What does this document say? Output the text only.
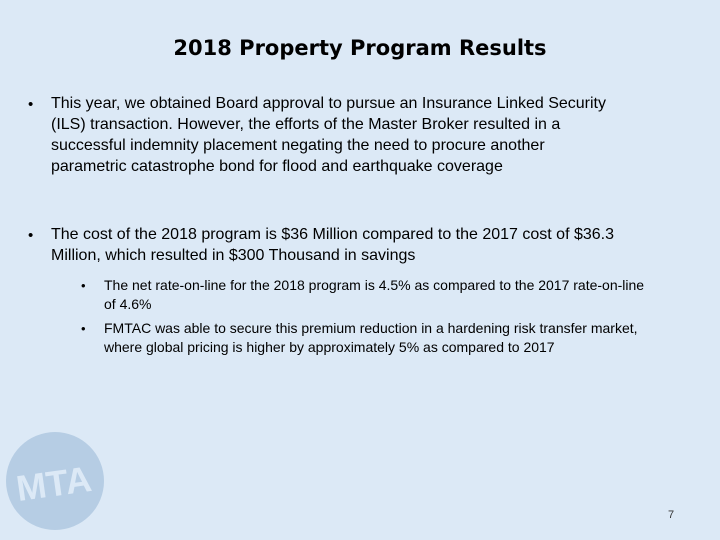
2018 Property Program Results
• This year, we obtained Board approval to pursue an Insurance Linked Security (ILS) transaction. However, the efforts of the Master Broker resulted in a successful indemnity placement negating the need to procure another parametric catastrophe bond for flood and earthquake coverage
• The cost of the 2018 program is $36 Million compared to the 2017 cost of $36.3 Million, which resulted in $300 Thousand in savings
• The net rate-on-line for the 2018 program is 4.5% as compared to the 2017 rate-on-line of 4.6%
• FMTAC was able to secure this premium reduction in a hardening risk transfer market, where global pricing is higher by approximately 5% as compared to 2017
MTA
7
